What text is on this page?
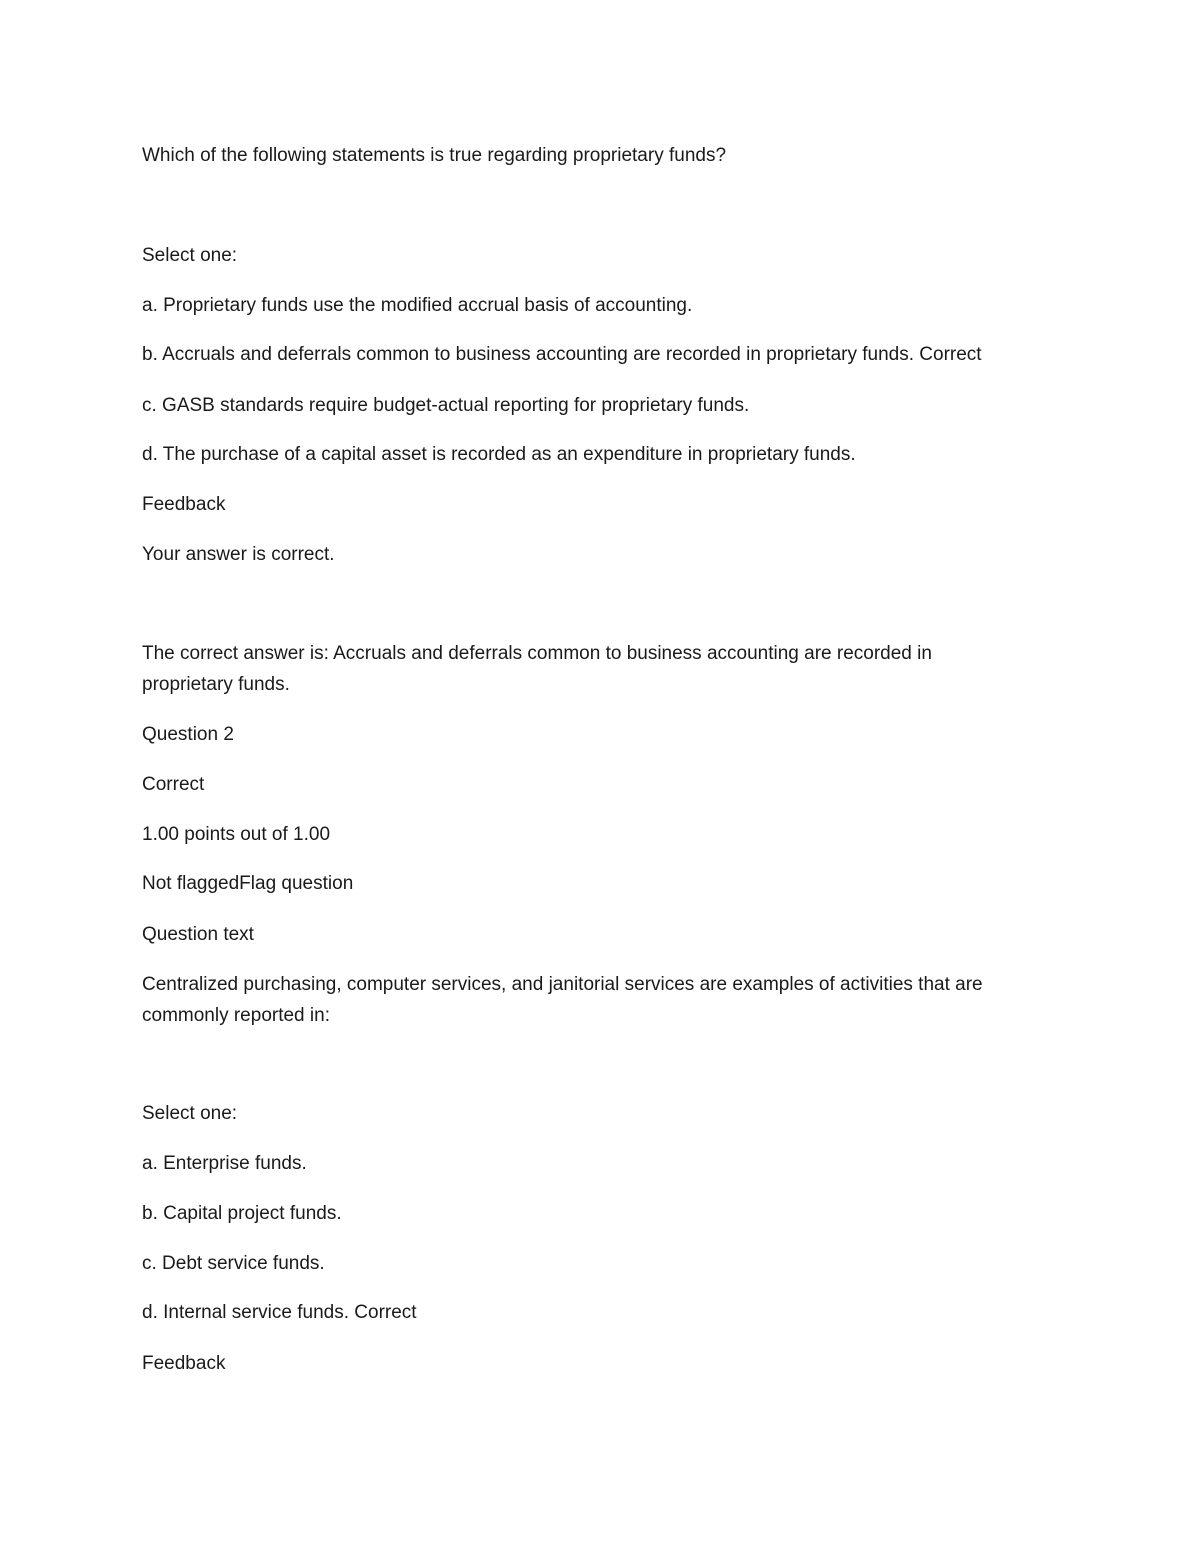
Which of the following statements is true regarding proprietary funds?

Select one:

a. Proprietary funds use the modified accrual basis of accounting.

b. Accruals and deferrals common to business accounting are recorded in proprietary funds. Correct

c. GASB standards require budget-actual reporting for proprietary funds.

d. The purchase of a capital asset is recorded as an expenditure in proprietary funds.

Feedback

Your answer is correct.

The correct answer is: Accruals and deferrals common to business accounting are recorded in proprietary funds.

Question 2

Correct

1.00 points out of 1.00

Not flaggedFlag question

Question text

Centralized purchasing, computer services, and janitorial services are examples of activities that are commonly reported in:

Select one:

a. Enterprise funds.

b. Capital project funds.

c. Debt service funds.

d. Internal service funds. Correct

Feedback
